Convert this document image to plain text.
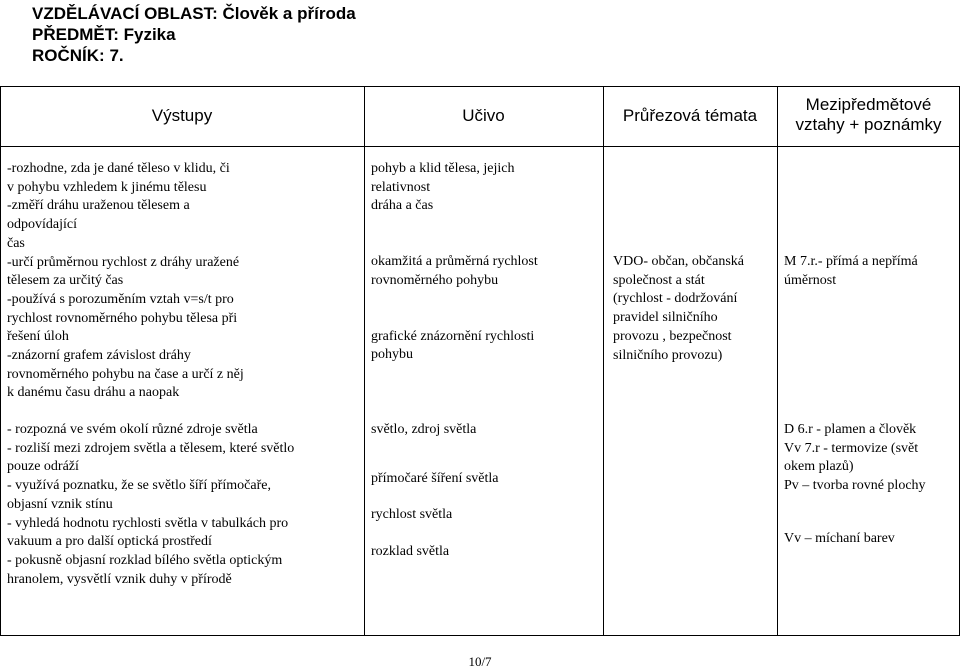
VZDĚLÁVACÍ OBLAST: Člověk a příroda
PŘEDMĚT: Fyzika
ROČNÍK: 7.
Výstupy	Učivo	Průřezová témata
Mezipředmětové
vztahy + poznámky
-rozhodne, zda je dané těleso v klidu, či
v pohybu vzhledem k jinému tělesu
-změří dráhu uraženou tělesem a
odpovídající
čas
-určí průměrnou rychlost z dráhy uražené
tělesem za určitý čas
-používá s porozuměním vztah v=s/t pro
rychlost rovnoměrného pohybu tělesa při
řešení úloh
-znázorní grafem závislost dráhy
rovnoměrného pohybu na čase a určí z něj
k danému času dráhu a naopak
pohyb a klid tělesa, jejich
relativnost
dráha a čas
okamžitá a průměrná rychlost
rovnoměrného pohybu
grafické znázornění rychlosti
pohybu
VDO- občan, občanská
společnost a stát
(rychlost - dodržování
pravidel silničního
provozu , bezpečnost
silničního provozu)
M 7.r.- přímá a nepřímá
úměrnost
- rozpozná ve svém okolí různé zdroje světla
- rozliší mezi zdrojem světla a tělesem, které světlo
pouze odráží
- využívá poznatku, že se světlo šíří přímočaře,
objasní vznik stínu
- vyhledá hodnotu rychlosti světla v tabulkách pro
vakuum a pro další optická prostředí
- pokusně objasní rozklad bílého světla optickým
hranolem, vysvětlí vznik duhy v přírodě
světlo, zdroj světla
přímočaré šíření světla
rychlost světla
rozklad světla
D 6.r - plamen a člověk
Vv 7.r - termovize (svět
okem plazů)
Pv – tvorba rovné plochy
Vv – míchaní barev
10/7
